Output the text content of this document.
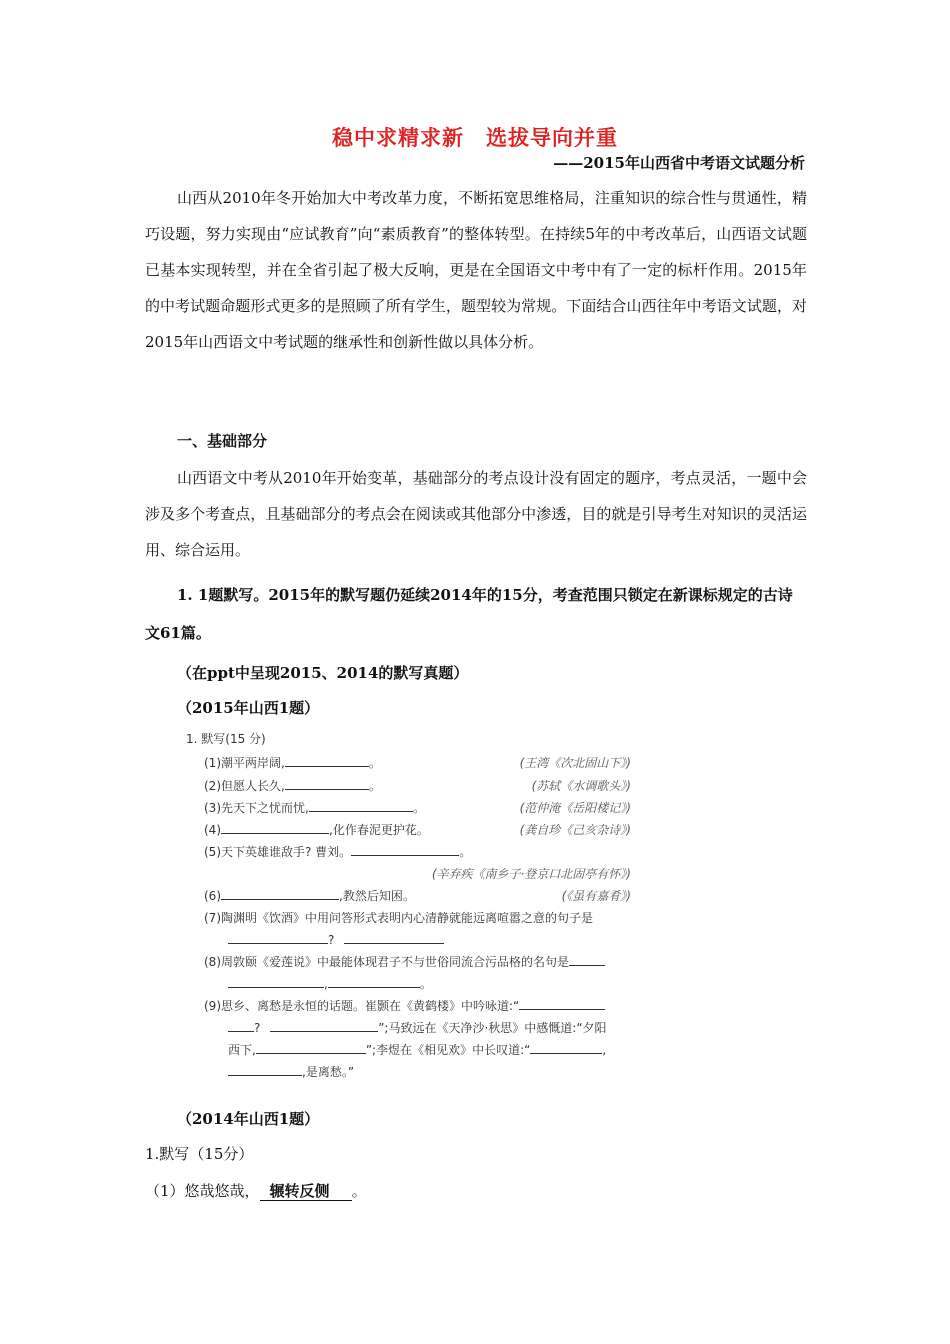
稳中求精求新　选拔导向并重
——2015年山西省中考语文试题分析
山西从2010年冬开始加大中考改革力度，不断拓宽思维格局，注重知识的综合性与贯通性，精巧设题，努力实现由“应试教育”向“素质教育”的整体转型。在持续5年的中考改革后，山西语文试题已基本实现转型，并在全省引起了极大反响，更是在全国语文中考中有了一定的标杆作用。2015年的中考试题命题形式更多的是照顾了所有学生，题型较为常规。下面结合山西往年中考语文试题，对2015年山西语文中考试题的继承性和创新性做以具体分析。
一、基础部分
山西语文中考从2010年开始变革，基础部分的考点设计没有固定的题序，考点灵活，一题中会涉及多个考查点，且基础部分的考点会在阅读或其他部分中渗透，目的就是引导考生对知识的灵活运用、综合运用。
1. 1题默写。2015年的默写题仍延续2014年的15分，考查范围只锁定在新课标规定的古诗文61篇。
（在ppt中呈现2015、2014的默写真题）
（2015年山西1题）
1. 默写(15 分)
(1)潮平两岸阔,	。	(王湾《次北固山下》)
(2)但愿人长久,	。	(苏轼《水调歌头》)
(3)先天下之忧而忧,	。	(范仲淹《岳阳楼记》)
(4)	,化作春泥更护花。	(龚自珍《己亥杂诗》)
(5)天下英雄谁敌手? 曹刘。	。
(辛弃疾《南乡子·登京口北固亭有怀》)
(6)	,教然后知困。	(《虽有嘉肴》)
(7)陶渊明《饮酒》中用问答形式表明内心清静就能远离喧嚣之意的句子是
?
(8)周敦颐《爱莲说》中最能体现君子不与世俗同流合污品格的名句是
,	。
(9)思乡、离愁是永恒的话题。崔颢在《黄鹤楼》中吟咏道:“
?	”;马致远在《天净沙·秋思》中感慨道:“夕阳
西下,	”;李煜在《相见欢》中长叹道:“	,
,是离愁。”
（2014年山西1题）
1.默写（15分）
（1）悠哉悠哉， 辗转反侧 。
